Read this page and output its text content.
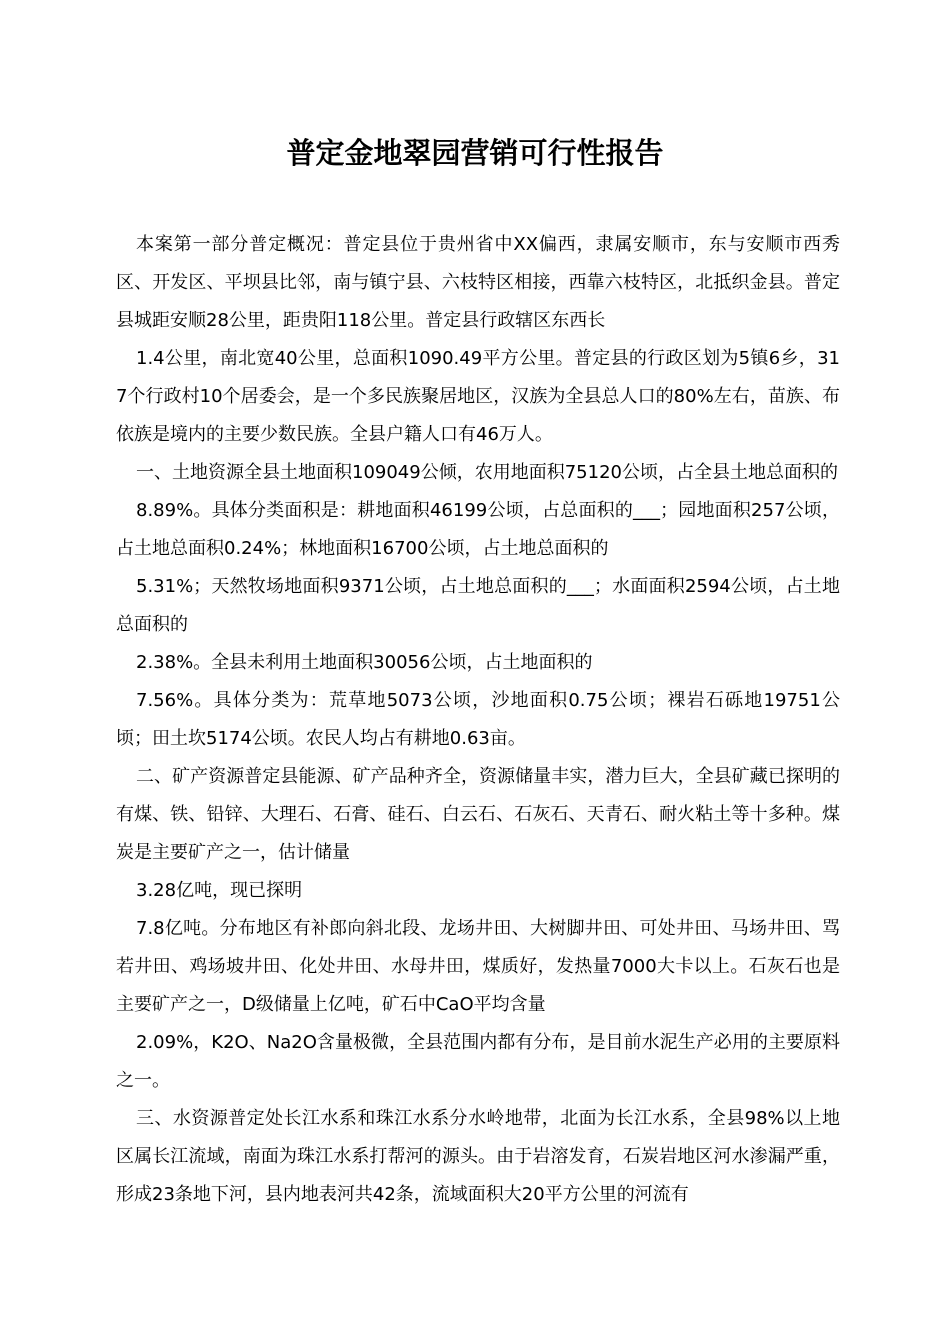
普定金地翠园营销可行性报告

本案第一部分普定概况：普定县位于贵州省中XX偏西，隶属安顺市，东与安顺市西秀区、开发区、平坝县比邻，南与镇宁县、六枝特区相接，西靠六枝特区，北抵织金县。普定县城距安顺28公里，距贵阳118公里。普定县行政辖区东西长

1.4公里，南北宽40公里，总面积1090.49平方公里。普定县的行政区划为5镇6乡，317个行政村10个居委会，是一个多民族聚居地区，汉族为全县总人口的80%左右，苗族、布依族是境内的主要少数民族。全县户籍人口有46万人。

一、土地资源全县土地面积109049公倾，农用地面积75120公顷，占全县土地总面积的

8.89%。具体分类面积是：耕地面积46199公顷，占总面积的___；园地面积257公顷，占土地总面积0.24%；林地面积16700公顷，占土地总面积的

5.31%；天然牧场地面积9371公顷，占土地总面积的___；水面面积2594公顷，占土地总面积的

2.38%。全县未利用土地面积30056公顷，占土地面积的

7.56%。具体分类为：荒草地5073公顷，沙地面积0.75公顷；裸岩石砾地19751公顷；田土坎5174公顷。农民人均占有耕地0.63亩。

二、矿产资源普定县能源、矿产品种齐全，资源储量丰实，潜力巨大，全县矿藏已探明的有煤、铁、铅锌、大理石、石膏、硅石、白云石、石灰石、天青石、耐火粘土等十多种。煤炭是主要矿产之一，估计储量

3.28亿吨，现已探明

7.8亿吨。分布地区有补郎向斜北段、龙场井田、大树脚井田、可处井田、马场井田、骂若井田、鸡场坡井田、化处井田、水母井田，煤质好，发热量7000大卡以上。石灰石也是主要矿产之一，D级储量上亿吨，矿石中CaO平均含量

2.09%，K2O、Na2O含量极微，全县范围内都有分布，是目前水泥生产必用的主要原料之一。

三、水资源普定处长江水系和珠江水系分水岭地带，北面为长江水系，全县98%以上地区属长江流域，南面为珠江水系打帮河的源头。由于岩溶发育，石炭岩地区河水渗漏严重，形成23条地下河，县内地表河共42条，流域面积大20平方公里的河流有
